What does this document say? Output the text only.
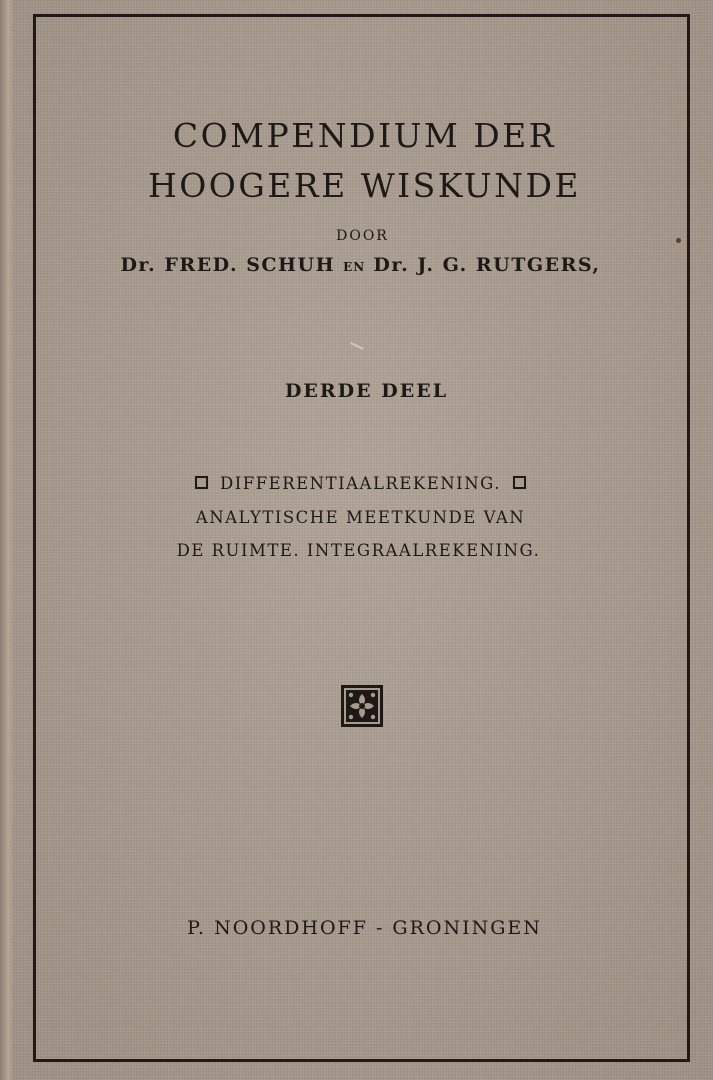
COMPENDIUM DER
HOOGERE WISKUNDE
DOOR
Dr. FRED. SCHUH EN Dr. J. G. RUTGERS,
DERDE DEEL
DIFFERENTIAALREKENING.
ANALYTISCHE MEETKUNDE VAN
DE RUIMTE. INTEGRAALREKENING.
P. NOORDHOFF - GRONINGEN
